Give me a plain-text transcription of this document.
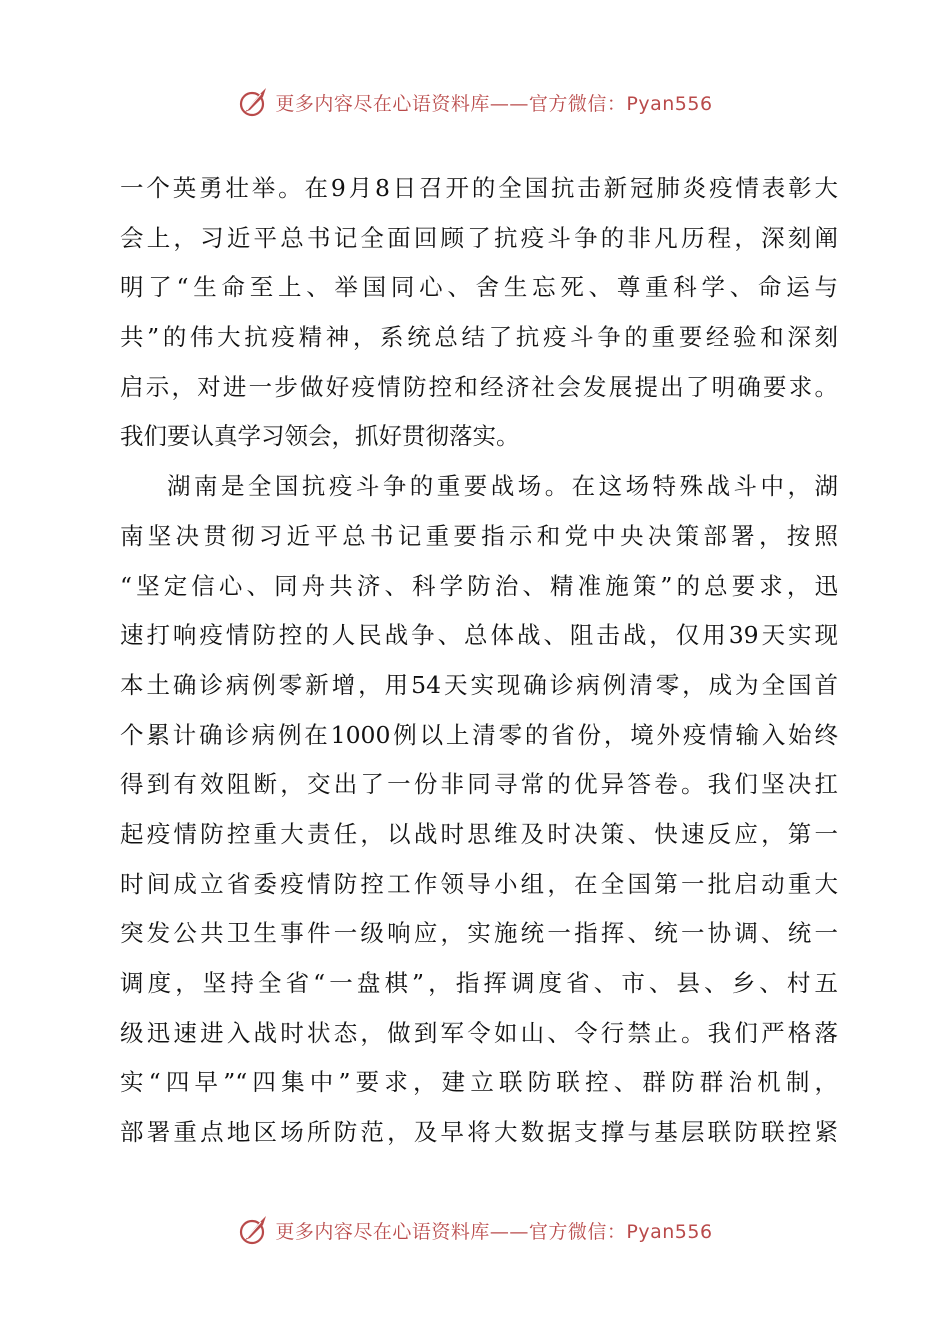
更多内容尽在心语资料库——官方微信：Pyan556
一个英勇壮举。在9月8日召开的全国抗击新冠肺炎疫情表彰大
会上，习近平总书记全面回顾了抗疫斗争的非凡历程，深刻阐
明了“生命至上、举国同心、舍生忘死、尊重科学、命运与
共”的伟大抗疫精神，系统总结了抗疫斗争的重要经验和深刻
启示，对进一步做好疫情防控和经济社会发展提出了明确要求。
我们要认真学习领会，抓好贯彻落实。
湖南是全国抗疫斗争的重要战场。在这场特殊战斗中，湖
南坚决贯彻习近平总书记重要指示和党中央决策部署，按照
“坚定信心、同舟共济、科学防治、精准施策”的总要求，迅
速打响疫情防控的人民战争、总体战、阻击战，仅用39天实现
本土确诊病例零新增，用54天实现确诊病例清零，成为全国首
个累计确诊病例在1000例以上清零的省份，境外疫情输入始终
得到有效阻断，交出了一份非同寻常的优异答卷。我们坚决扛
起疫情防控重大责任，以战时思维及时决策、快速反应，第一
时间成立省委疫情防控工作领导小组，在全国第一批启动重大
突发公共卫生事件一级响应，实施统一指挥、统一协调、统一
调度，坚持全省“一盘棋”，指挥调度省、市、县、乡、村五
级迅速进入战时状态，做到军令如山、令行禁止。我们严格落
实“四早”“四集中”要求，建立联防联控、群防群治机制，
部署重点地区场所防范，及早将大数据支撑与基层联防联控紧
更多内容尽在心语资料库——官方微信：Pyan556
